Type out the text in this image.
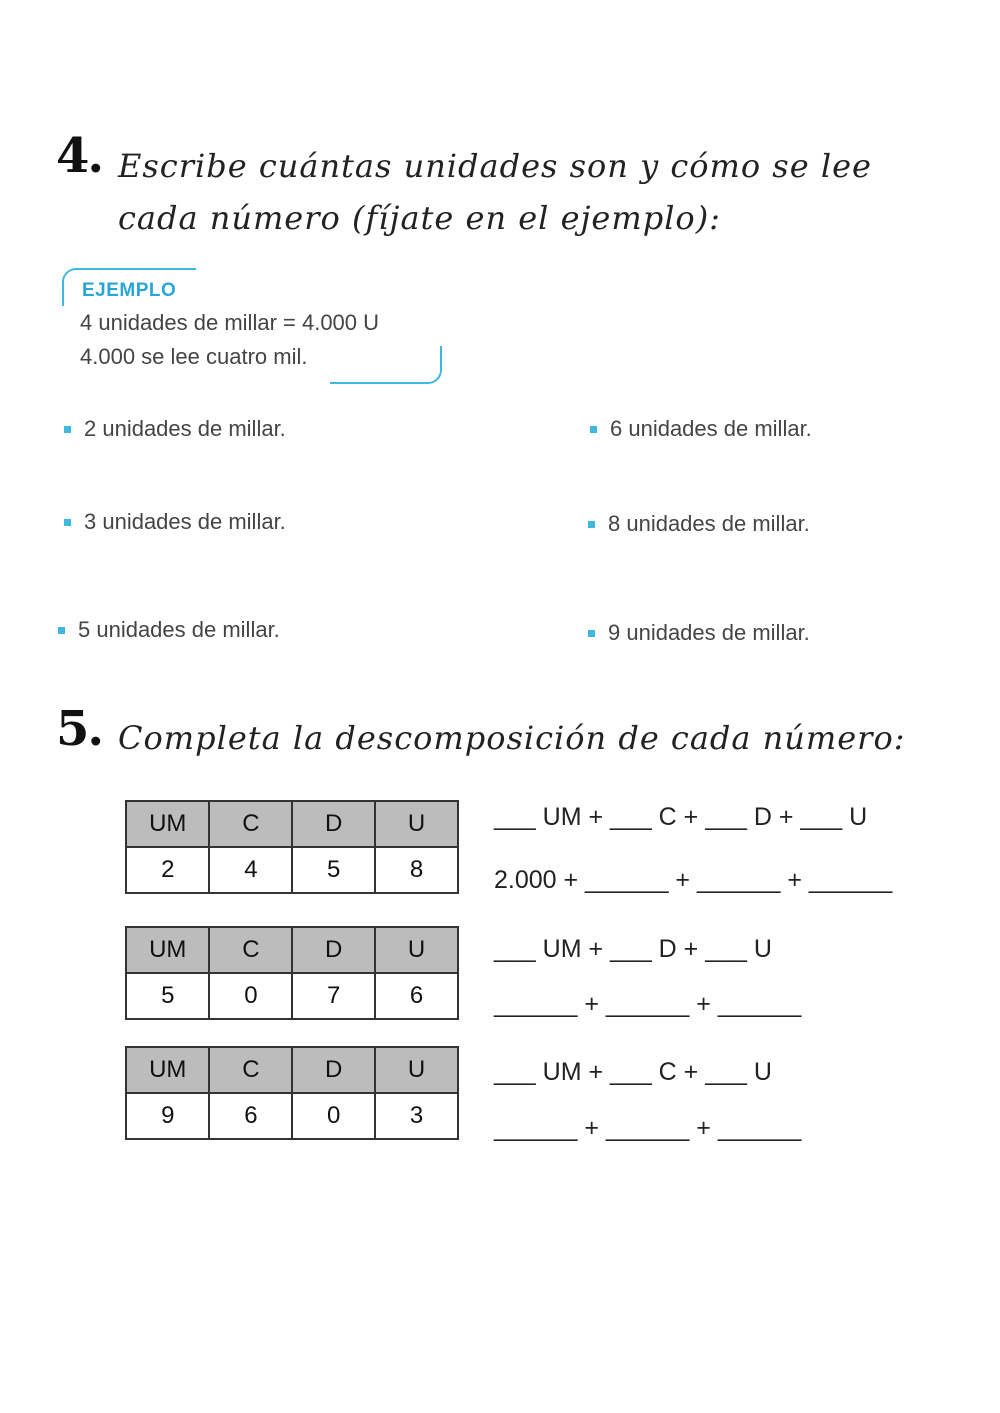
4. Escribe cuántas unidades son y cómo se lee
cada número (fíjate en el ejemplo):
EJEMPLO
4 unidades de millar = 4.000 U
4.000 se lee cuatro mil.
2 unidades de millar.	6 unidades de millar.
3 unidades de millar.	8 unidades de millar.
5 unidades de millar.	9 unidades de millar.
5. Completa la descomposición de cada número:
UM	C	D	U
2	4	5	8
___ UM + ___ C + ___ D + ___ U
2.000 + ______ + ______ + ______
UM	C	D	U
5	0	7	6
___ UM + ___ D + ___ U
______ + ______ + ______
UM	C	D	U
9	6	0	3
___ UM + ___ C + ___ U
______ + ______ + ______
